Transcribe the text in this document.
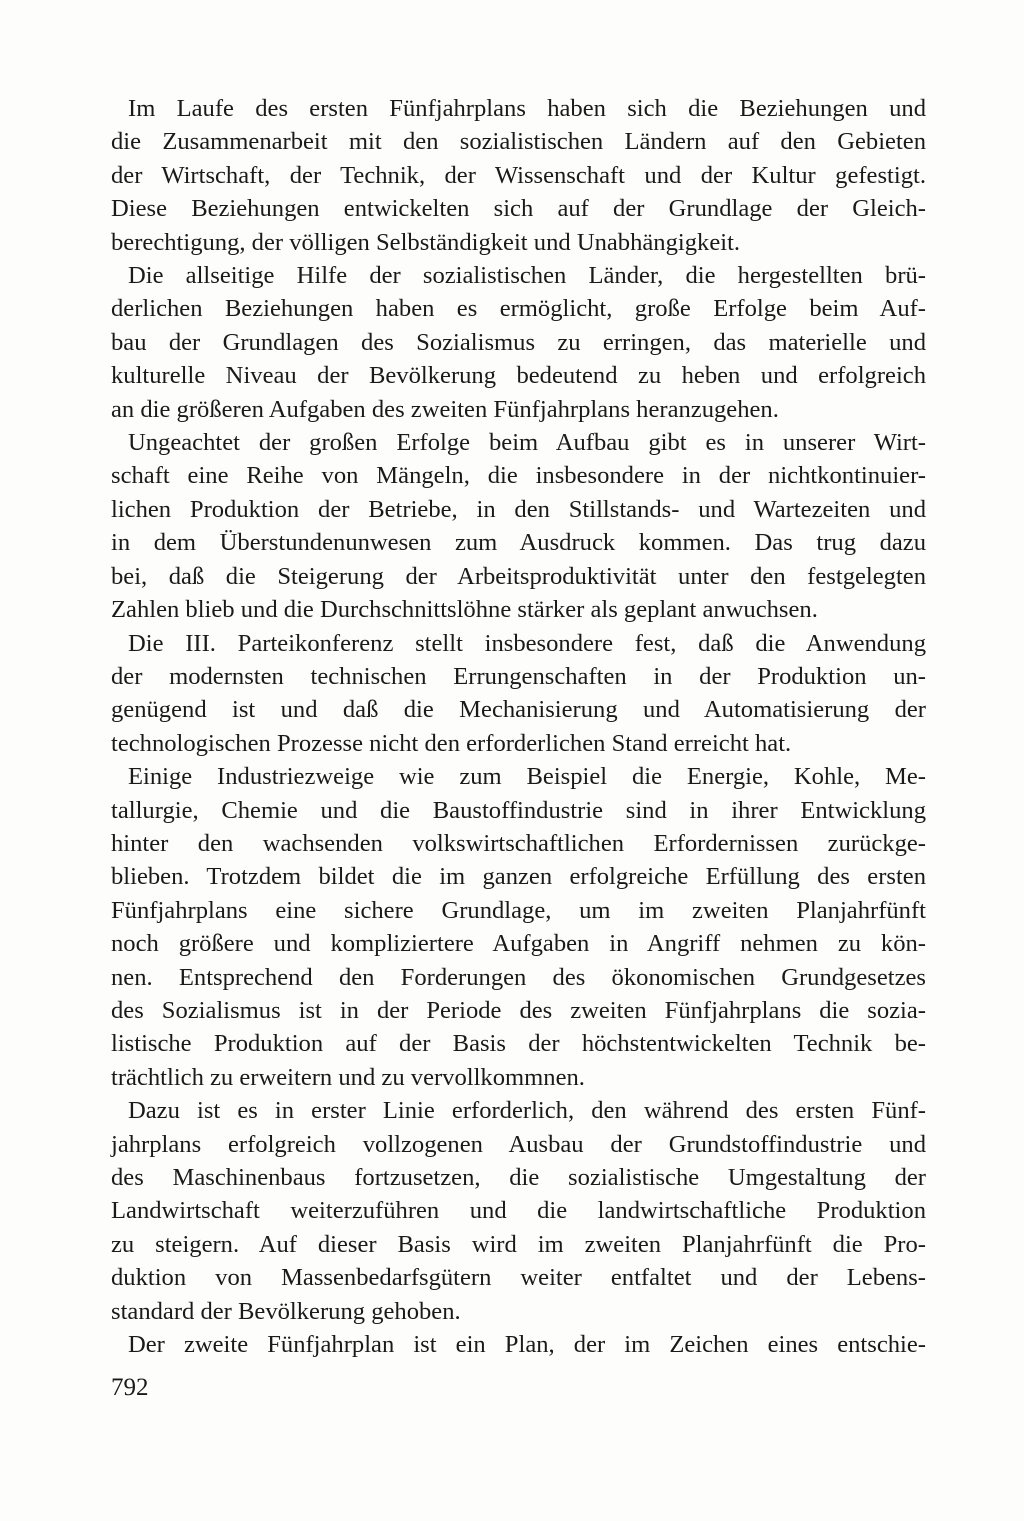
Im Laufe des ersten Fünfjahrplans haben sich die Beziehungen und
die Zusammenarbeit mit den sozialistischen Ländern auf den Gebieten
der Wirtschaft, der Technik, der Wissenschaft und der Kultur gefestigt.
Diese Beziehungen entwickelten sich auf der Grundlage der Gleich-
berechtigung, der völligen Selbständigkeit und Unabhängigkeit.
Die allseitige Hilfe der sozialistischen Länder, die hergestellten brü-
derlichen Beziehungen haben es ermöglicht, große Erfolge beim Auf-
bau der Grundlagen des Sozialismus zu erringen, das materielle und
kulturelle Niveau der Bevölkerung bedeutend zu heben und erfolgreich
an die größeren Aufgaben des zweiten Fünfjahrplans heranzugehen.
Ungeachtet der großen Erfolge beim Aufbau gibt es in unserer Wirt-
schaft eine Reihe von Mängeln, die insbesondere in der nichtkontinuier-
lichen Produktion der Betriebe, in den Stillstands- und Wartezeiten und
in dem Überstundenunwesen zum Ausdruck kommen. Das trug dazu
bei, daß die Steigerung der Arbeitsproduktivität unter den festgelegten
Zahlen blieb und die Durchschnittslöhne stärker als geplant anwuchsen.
Die III. Parteikonferenz stellt insbesondere fest, daß die Anwendung
der modernsten technischen Errungenschaften in der Produktion un-
genügend ist und daß die Mechanisierung und Automatisierung der
technologischen Prozesse nicht den erforderlichen Stand erreicht hat.
Einige Industriezweige wie zum Beispiel die Energie, Kohle, Me-
tallurgie, Chemie und die Baustoffindustrie sind in ihrer Entwicklung
hinter den wachsenden volkswirtschaftlichen Erfordernissen zurückge-
blieben. Trotzdem bildet die im ganzen erfolgreiche Erfüllung des ersten
Fünfjahrplans eine sichere Grundlage, um im zweiten Planjahrfünft
noch größere und kompliziertere Aufgaben in Angriff nehmen zu kön-
nen. Entsprechend den Forderungen des ökonomischen Grundgesetzes
des Sozialismus ist in der Periode des zweiten Fünfjahrplans die sozia-
listische Produktion auf der Basis der höchstentwickelten Technik be-
trächtlich zu erweitern und zu vervollkommnen.
Dazu ist es in erster Linie erforderlich, den während des ersten Fünf-
jahrplans erfolgreich vollzogenen Ausbau der Grundstoffindustrie und
des Maschinenbaus fortzusetzen, die sozialistische Umgestaltung der
Landwirtschaft weiterzuführen und die landwirtschaftliche Produktion
zu steigern. Auf dieser Basis wird im zweiten Planjahrfünft die Pro-
duktion von Massenbedarfsgütern weiter entfaltet und der Lebens-
standard der Bevölkerung gehoben.
Der zweite Fünfjahrplan ist ein Plan, der im Zeichen eines entschie-
792
